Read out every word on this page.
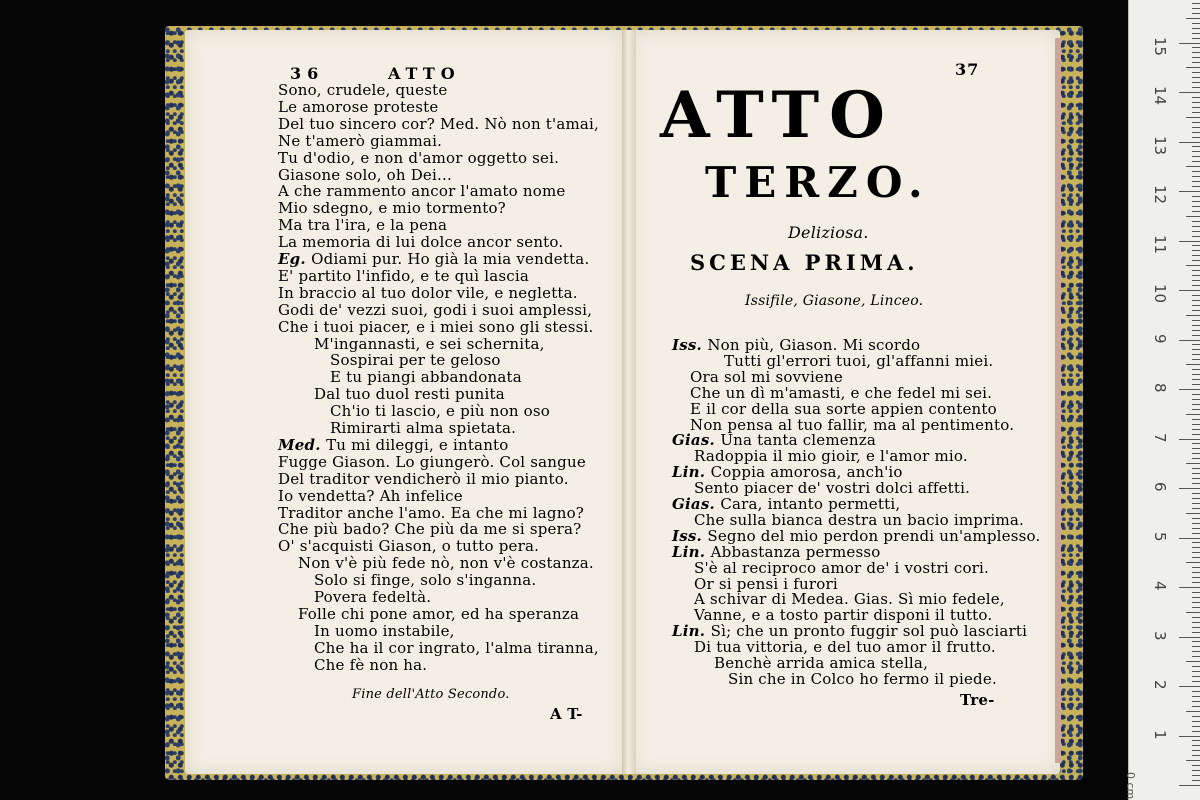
36	ATTO
Sono, crudele, queste
Le amorose proteste
Del tuo sincero cor? Med. Nò non t'amai,
Ne t'amerò giammai.
Tu d'odio, e non d'amor oggetto sei.
Giasone solo, oh Dei...
A che rammento ancor l'amato nome
Mio sdegno, e mio tormento?
Ma tra l'ira, e la pena
La memoria di lui dolce ancor sento.
Eg. Odiami pur. Ho già la mia vendetta.
E' partito l'infido, e te quì lascia
In braccio al tuo dolor vile, e negletta.
Godi de' vezzi suoi, godi i suoi amplessi,
Che i tuoi piacer, e i miei sono gli stessi.
M'ingannasti, e sei schernita,
Sospirai per te geloso
E tu piangi abbandonata
Dal tuo duol resti punita
Ch'io ti lascio, e più non oso
Rimirarti alma spietata.
Med. Tu mi dileggi, e intanto
Fugge Giason. Lo giungerò. Col sangue
Del traditor vendicherò il mio pianto.
Io vendetta? Ah infelice
Traditor anche l'amo. Ea che mi lagno?
Che più bado? Che più da me si spera?
O' s'acquisti Giason, o tutto pera.
Non v'è più fede nò, non v'è costanza.
Solo si finge, solo s'inganna.
Povera fedeltà.
Folle chi pone amor, ed ha speranza
In uomo instabile,
Che ha il cor ingrato, l'alma tiranna,
Che fè non ha.
Fine dell'Atto Secondo.
A T-
37
ATTO
TERZO.
Deliziosa.
SCENA PRIMA.
Issifile, Giasone, Linceo.
Iss. Non più, Giason. Mi scordo
Tutti gl'errori tuoi, gl'affanni miei.
Ora sol mi sovviene
Che un dì m'amasti, e che fedel mi sei.
E il cor della sua sorte appien contento
Non pensa al tuo fallir, ma al pentimento.
Gias. Una tanta clemenza
Radoppia il mio gioir, e l'amor mio.
Lin. Coppia amorosa, anch'io
Sento piacer de' vostri dolci affetti.
Gias. Cara, intanto permetti,
Che sulla bianca destra un bacio imprima.
Iss. Segno del mio perdon prendi un'amplesso.
Lin. Abbastanza permesso
S'è al reciproco amor de' i vostri cori.
Or si pensi i furori
A schivar di Medea. Gias. Sì mio fedele,
Vanne, e a tosto partir disponi il tutto.
Lin. Sì; che un pronto fuggir sol può lasciarti
Di tua vittoria, e del tuo amor il frutto.
Benchè arrida amica stella,
Sin che in Colco ho fermo il piede.
Tre-
1
2
3
4
5
6
7
8
9
10
11
12
13
14
15
0 cm
